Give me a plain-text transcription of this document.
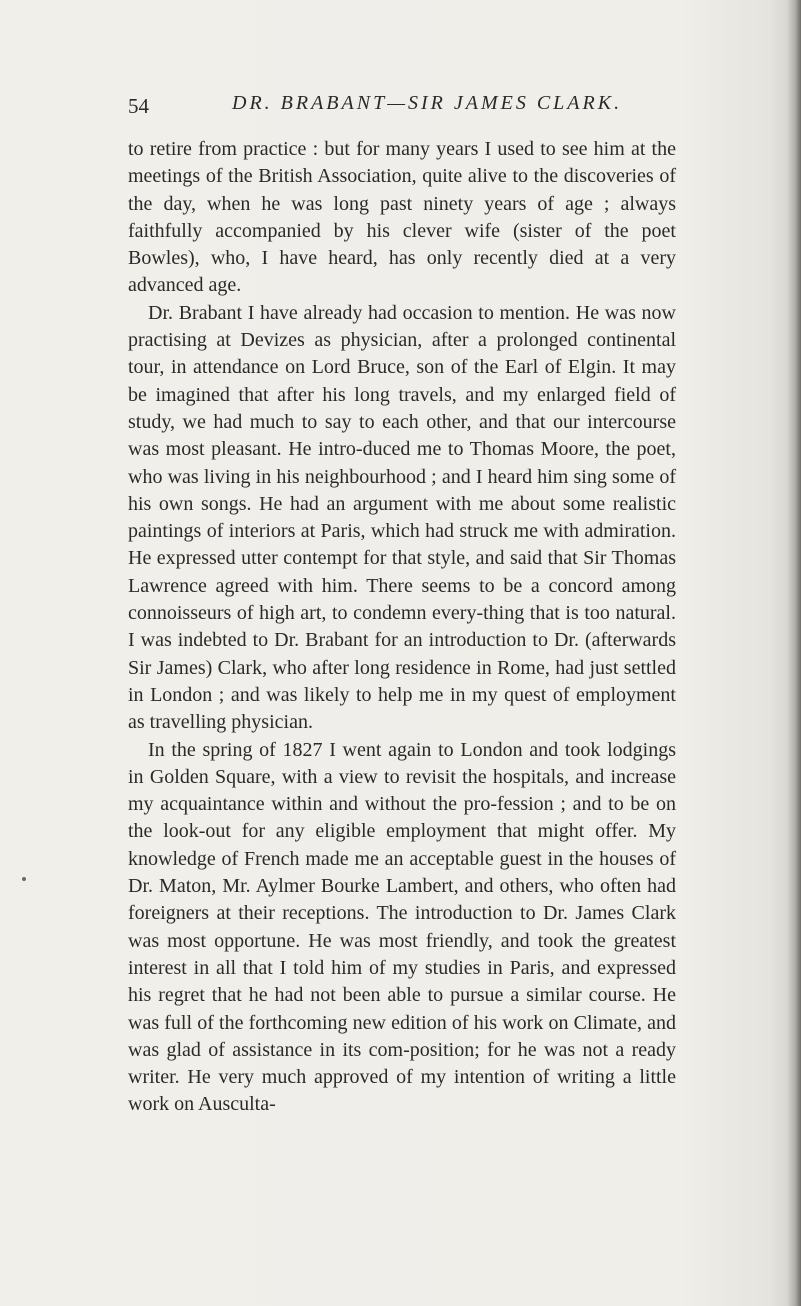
54	DR. BRABANT—SIR JAMES CLARK.

to retire from practice : but for many years I used to see him at the meetings of the British Association, quite alive to the discoveries of the day, when he was long past ninety years of age ; always faithfully accompanied by his clever wife (sister of the poet Bowles), who, I have heard, has only recently died at a very advanced age.

Dr. Brabant I have already had occasion to mention. He was now practising at Devizes as physician, after a prolonged continental tour, in attendance on Lord Bruce, son of the Earl of Elgin. It may be imagined that after his long travels, and my enlarged field of study, we had much to say to each other, and that our intercourse was most pleasant. He intro-duced me to Thomas Moore, the poet, who was living in his neighbourhood ; and I heard him sing some of his own songs. He had an argument with me about some realistic paintings of interiors at Paris, which had struck me with admiration. He expressed utter contempt for that style, and said that Sir Thomas Lawrence agreed with him. There seems to be a concord among connoisseurs of high art, to condemn every-thing that is too natural. I was indebted to Dr. Brabant for an introduction to Dr. (afterwards Sir James) Clark, who after long residence in Rome, had just settled in London ; and was likely to help me in my quest of employment as travelling physician.

In the spring of 1827 I went again to London and took lodgings in Golden Square, with a view to revisit the hospitals, and increase my acquaintance within and without the pro-fession ; and to be on the look-out for any eligible employment that might offer. My knowledge of French made me an acceptable guest in the houses of Dr. Maton, Mr. Aylmer Bourke Lambert, and others, who often had foreigners at their receptions. The introduction to Dr. James Clark was most opportune. He was most friendly, and took the greatest interest in all that I told him of my studies in Paris, and expressed his regret that he had not been able to pursue a similar course. He was full of the forthcoming new edition of his work on Climate, and was glad of assistance in its com-position; for he was not a ready writer. He very much approved of my intention of writing a little work on Ausculta-
